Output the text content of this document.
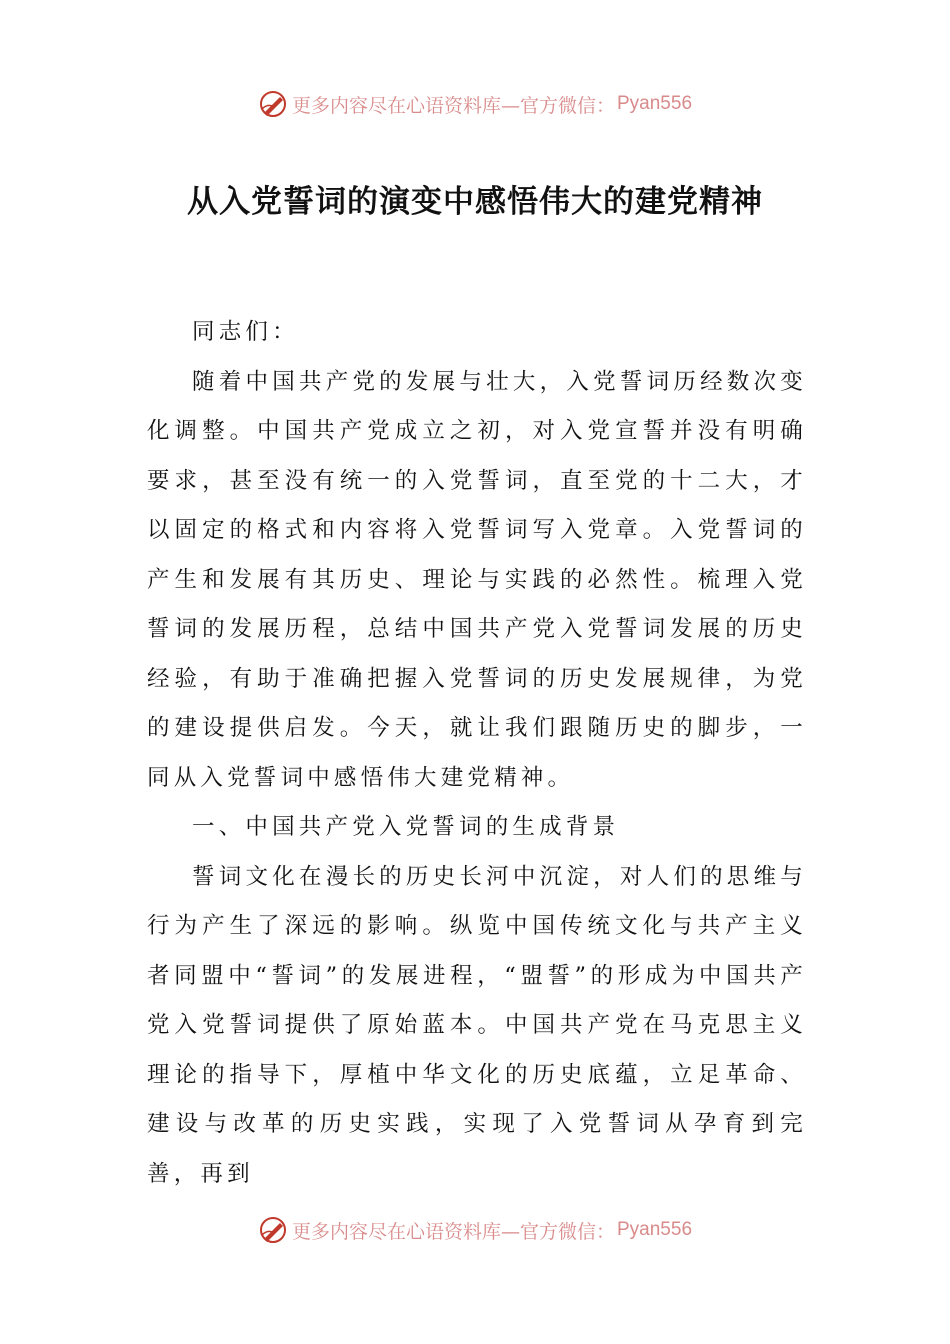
更多内容尽在心语资料库—官方微信： Pyan556
从入党誓词的演变中感悟伟大的建党精神

同志们：

随着中国共产党的发展与壮大，入党誓词历经数次变化调整。中国共产党成立之初，对入党宣誓并没有明确要求，甚至没有统一的入党誓词，直至党的十二大，才以固定的格式和内容将入党誓词写入党章。入党誓词的产生和发展有其历史、理论与实践的必然性。梳理入党誓词的发展历程，总结中国共产党入党誓词发展的历史经验，有助于准确把握入党誓词的历史发展规律，为党的建设提供启发。今天，就让我们跟随历史的脚步，一同从入党誓词中感悟伟大建党精神。

一、中国共产党入党誓词的生成背景

誓词文化在漫长的历史长河中沉淀，对人们的思维与行为产生了深远的影响。纵览中国传统文化与共产主义者同盟中“誓词”的发展进程，“盟誓”的形成为中国共产党入党誓词提供了原始蓝本。中国共产党在马克思主义理论的指导下，厚植中华文化的历史底蕴，立足革命、建设与改革的历史实践，实现了入党誓词从孕育到完善，再到

更多内容尽在心语资料库—官方微信： Pyan556
